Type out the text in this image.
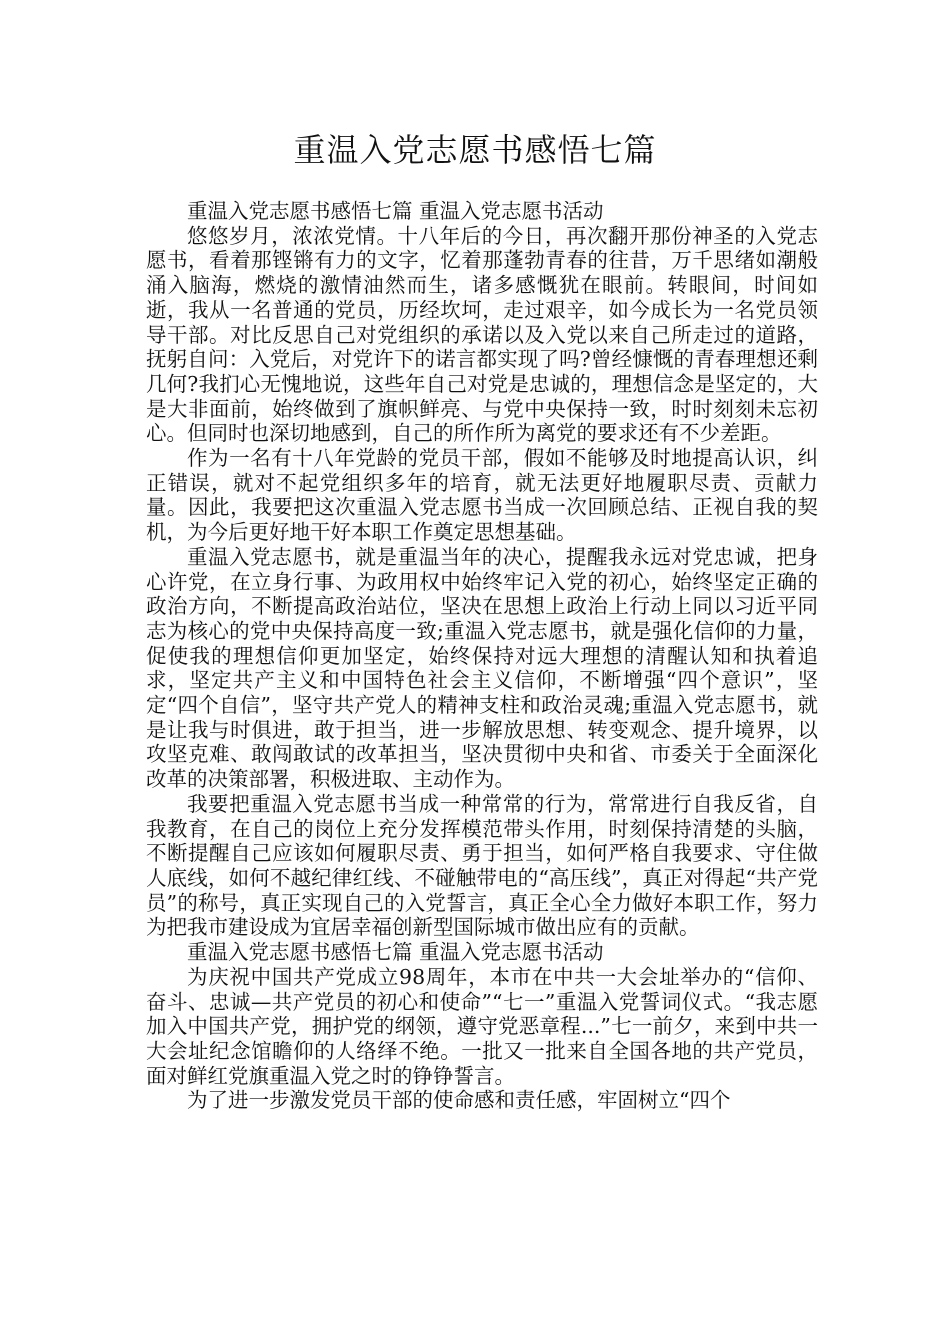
重温入党志愿书感悟七篇

重温入党志愿书感悟七篇 重温入党志愿书活动

悠悠岁月，浓浓党情。十八年后的今日，再次翻开那份神圣的入党志愿书，看着那铿锵有力的文字，忆着那蓬勃青春的往昔，万千思绪如潮般涌入脑海，燃烧的激情油然而生，诸多感慨犹在眼前。转眼间，时间如逝，我从一名普通的党员，历经坎坷，走过艰辛，如今成长为一名党员领导干部。对比反思自己对党组织的承诺以及入党以来自己所走过的道路，抚躬自问：入党后，对党许下的诺言都实现了吗?曾经慷慨的青春理想还剩几何?我扪心无愧地说，这些年自己对党是忠诚的，理想信念是坚定的，大是大非面前，始终做到了旗帜鲜亮、与党中央保持一致，时时刻刻未忘初心。但同时也深切地感到，自己的所作所为离党的要求还有不少差距。

作为一名有十八年党龄的党员干部，假如不能够及时地提高认识，纠正错误，就对不起党组织多年的培育，就无法更好地履职尽责、贡献力量。因此，我要把这次重温入党志愿书当成一次回顾总结、正视自我的契机，为今后更好地干好本职工作奠定思想基础。

重温入党志愿书，就是重温当年的决心，提醒我永远对党忠诚，把身心许党，在立身行事、为政用权中始终牢记入党的初心，始终坚定正确的政治方向，不断提高政治站位，坚决在思想上政治上行动上同以习近平同志为核心的党中央保持高度一致;重温入党志愿书，就是强化信仰的力量，促使我的理想信仰更加坚定，始终保持对远大理想的清醒认知和执着追求，坚定共产主义和中国特色社会主义信仰，不断增强“四个意识”，坚定“四个自信”，坚守共产党人的精神支柱和政治灵魂;重温入党志愿书，就是让我与时俱进，敢于担当，进一步解放思想、转变观念、提升境界，以攻坚克难、敢闯敢试的改革担当，坚决贯彻中央和省、市委关于全面深化改革的决策部署，积极进取、主动作为。

我要把重温入党志愿书当成一种常常的行为，常常进行自我反省，自我教育，在自己的岗位上充分发挥模范带头作用，时刻保持清楚的头脑，不断提醒自己应该如何履职尽责、勇于担当，如何严格自我要求、守住做人底线，如何不越纪律红线、不碰触带电的“高压线”，真正对得起“共产党员”的称号，真正实现自己的入党誓言，真正全心全力做好本职工作，努力为把我市建设成为宜居幸福创新型国际城市做出应有的贡献。

重温入党志愿书感悟七篇 重温入党志愿书活动

为庆祝中国共产党成立98周年，本市在中共一大会址举办的“信仰、奋斗、忠诚—共产党员的初心和使命”“七一”重温入党誓词仪式。“我志愿加入中国共产党，拥护党的纲领，遵守党恶章程...”七一前夕，来到中共一大会址纪念馆瞻仰的人络绎不绝。一批又一批来自全国各地的共产党员，面对鲜红党旗重温入党之时的铮铮誓言。

为了进一步激发党员干部的使命感和责任感，牢固树立“四个
